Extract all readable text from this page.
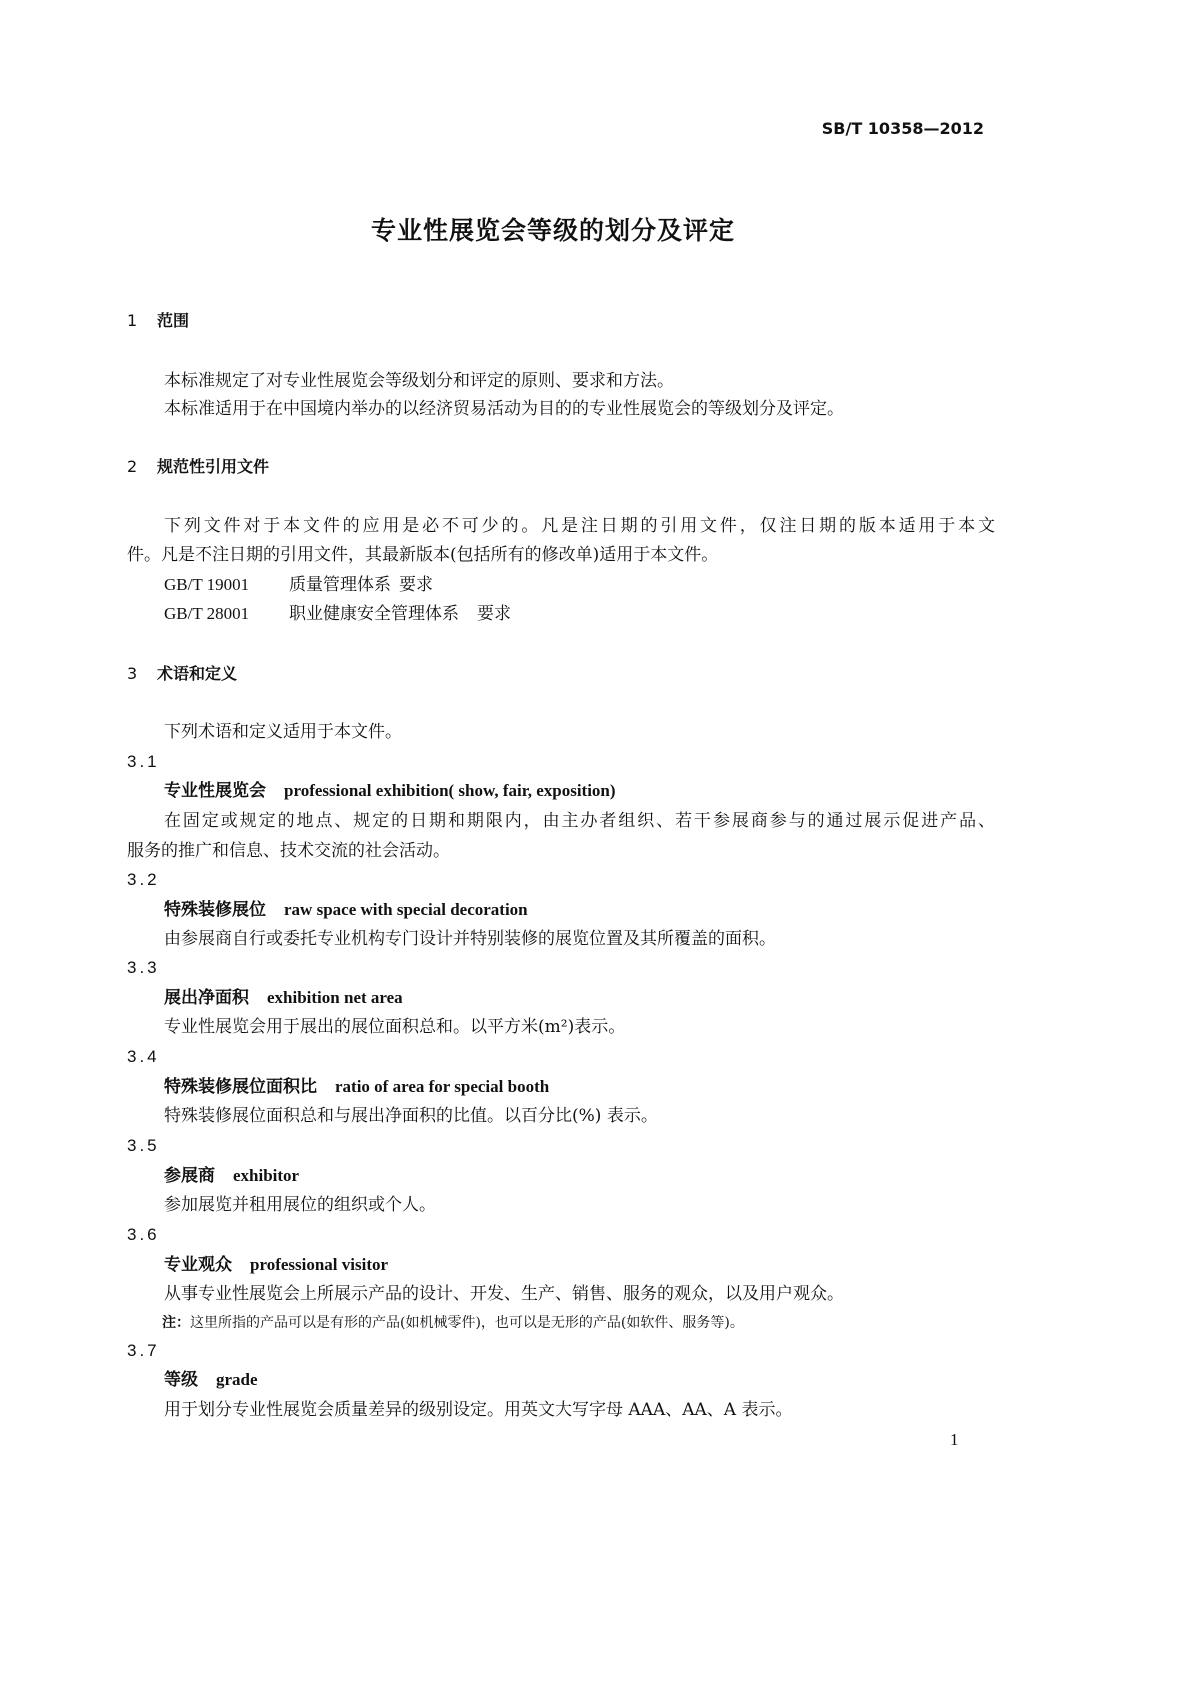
SB/T 10358—2012
专业性展览会等级的划分及评定
1 范围
本标准规定了对专业性展览会等级划分和评定的原则、要求和方法。
本标准适用于在中国境内举办的以经济贸易活动为目的的专业性展览会的等级划分及评定。
2 规范性引用文件
下列文件对于本文件的应用是必不可少的。凡是注日期的引用文件，仅注日期的版本适用于本文
件。凡是不注日期的引用文件，其最新版本(包括所有的修改单)适用于本文件。
GB/T 19001 质量管理体系 要求
GB/T 28001 职业健康安全管理体系 要求
3 术语和定义
下列术语和定义适用于本文件。
3.1
专业性展览会 professional exhibition( show, fair, exposition)
在固定或规定的地点、规定的日期和期限内，由主办者组织、若干参展商参与的通过展示促进产品、
服务的推广和信息、技术交流的社会活动。
3.2
特殊装修展位 raw space with special decoration
由参展商自行或委托专业机构专门设计并特别装修的展览位置及其所覆盖的面积。
3.3
展出净面积 exhibition net area
专业性展览会用于展出的展位面积总和。以平方米(m²)表示。
3.4
特殊装修展位面积比 ratio of area for special booth
特殊装修展位面积总和与展出净面积的比值。以百分比(%) 表示。
3.5
参展商 exhibitor
参加展览并租用展位的组织或个人。
3.6
专业观众 professional visitor
从事专业性展览会上所展示产品的设计、开发、生产、销售、服务的观众，以及用户观众。
注：这里所指的产品可以是有形的产品(如机械零件)，也可以是无形的产品(如软件、服务等)。
3.7
等级 grade
用于划分专业性展览会质量差异的级别设定。用英文大写字母 AAA、AA、A 表示。
1
